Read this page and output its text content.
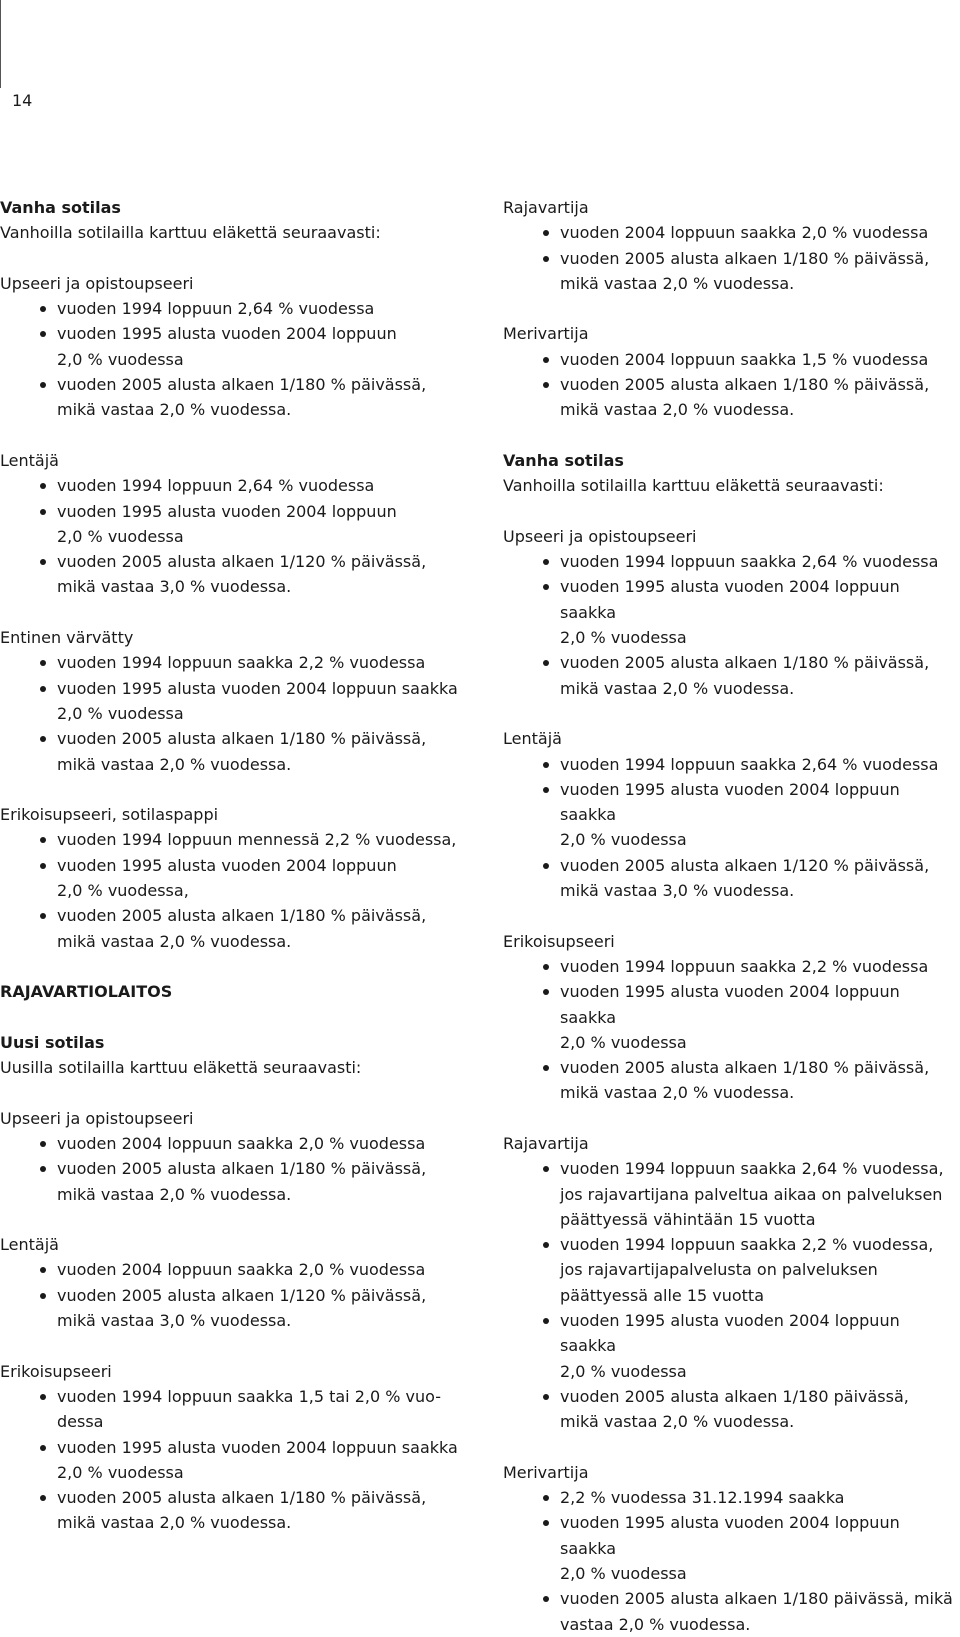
14
Vanha sotilas
Vanhoilla sotilailla karttuu eläkettä seuraavasti:
Upseeri ja opistoupseeri
vuoden 1994 loppuun 2,64 % vuodessa
vuoden 1995 alusta vuoden 2004 loppuun
2,0 % vuodessa
vuoden 2005 alusta alkaen 1/180 % päivässä,
mikä vastaa 2,0 % vuodessa.
Lentäjä
vuoden 1994 loppuun 2,64 % vuodessa
vuoden 1995 alusta vuoden 2004 loppuun
2,0 % vuodessa
vuoden 2005 alusta alkaen 1/120 % päivässä,
mikä vastaa 3,0 % vuodessa.
Entinen värvätty
vuoden 1994 loppuun saakka 2,2 % vuodessa
vuoden 1995 alusta vuoden 2004 loppuun saakka
2,0 % vuodessa
vuoden 2005 alusta alkaen 1/180 % päivässä,
mikä vastaa 2,0 % vuodessa.
Erikoisupseeri, sotilaspappi
vuoden 1994 loppuun mennessä 2,2 % vuodessa,
vuoden 1995 alusta vuoden 2004 loppuun
2,0 % vuodessa,
vuoden 2005 alusta alkaen 1/180 % päivässä,
mikä vastaa 2,0 % vuodessa.
RAJAVARTIOLAITOS
Uusi sotilas
Uusilla sotilailla karttuu eläkettä seuraavasti:
Upseeri ja opistoupseeri
vuoden 2004 loppuun saakka 2,0 % vuodessa
vuoden 2005 alusta alkaen 1/180 % päivässä,
mikä vastaa 2,0 % vuodessa.
Lentäjä
vuoden 2004 loppuun saakka 2,0 % vuodessa
vuoden 2005 alusta alkaen 1/120 % päivässä,
mikä vastaa 3,0 % vuodessa.
Erikoisupseeri
vuoden 1994 loppuun saakka 1,5 tai 2,0 % vuo-
dessa
vuoden 1995 alusta vuoden 2004 loppuun saakka
2,0 % vuodessa
vuoden 2005 alusta alkaen 1/180 % päivässä,
mikä vastaa 2,0 % vuodessa.
Rajavartija
vuoden 2004 loppuun saakka 2,0 % vuodessa
vuoden 2005 alusta alkaen 1/180 % päivässä,
mikä vastaa 2,0 % vuodessa.
Merivartija
vuoden 2004 loppuun saakka 1,5 % vuodessa
vuoden 2005 alusta alkaen 1/180 % päivässä,
mikä vastaa 2,0 % vuodessa.
Vanha sotilas
Vanhoilla sotilailla karttuu eläkettä seuraavasti:
Upseeri ja opistoupseeri
vuoden 1994 loppuun saakka 2,64 % vuodessa
vuoden 1995 alusta vuoden 2004 loppuun saakka
2,0 % vuodessa
vuoden 2005 alusta alkaen 1/180 % päivässä,
mikä vastaa 2,0 % vuodessa.
Lentäjä
vuoden 1994 loppuun saakka 2,64 % vuodessa
vuoden 1995 alusta vuoden 2004 loppuun saakka
2,0 % vuodessa
vuoden 2005 alusta alkaen 1/120 % päivässä,
mikä vastaa 3,0 % vuodessa.
Erikoisupseeri
vuoden 1994 loppuun saakka 2,2 % vuodessa
vuoden 1995 alusta vuoden 2004 loppuun saakka
2,0 % vuodessa
vuoden 2005 alusta alkaen 1/180 % päivässä,
mikä vastaa 2,0 % vuodessa.
Rajavartija
vuoden 1994 loppuun saakka 2,64 % vuodessa,
jos rajavartijana palveltua aikaa on palveluksen
päättyessä vähintään 15 vuotta
vuoden 1994 loppuun saakka 2,2 % vuodessa,
jos rajavartijapalvelusta on palveluksen
päättyessä alle 15 vuotta
vuoden 1995 alusta vuoden 2004 loppuun saakka
2,0 % vuodessa
vuoden 2005 alusta alkaen 1/180 päivässä,
mikä vastaa 2,0 % vuodessa.
Merivartija
2,2 % vuodessa 31.12.1994 saakka
vuoden 1995 alusta vuoden 2004 loppuun saakka
2,0 % vuodessa
vuoden 2005 alusta alkaen 1/180 päivässä, mikä
vastaa 2,0 % vuodessa.
